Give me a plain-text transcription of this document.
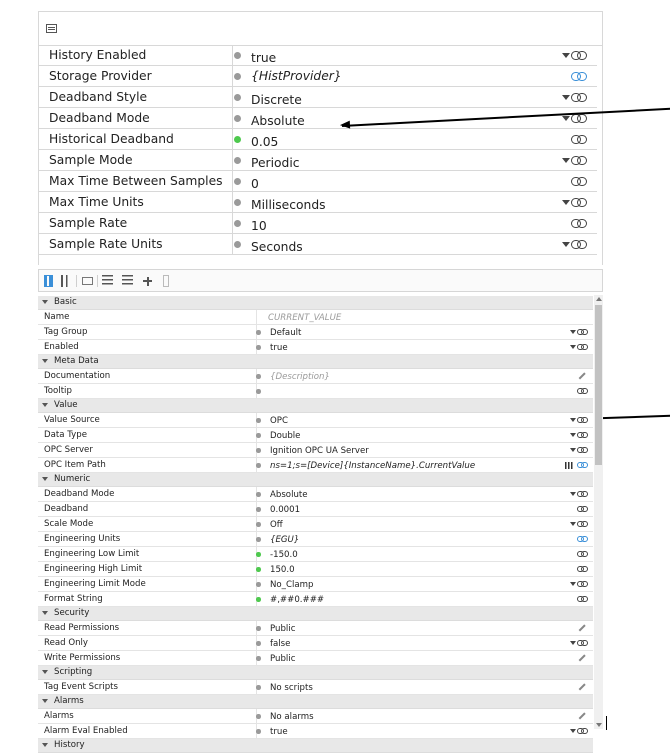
History Enabled	true
Storage Provider	{HistProvider}
Deadband Style	Discrete
Deadband Mode	Absolute
Historical Deadband	0.05
Sample Mode	Periodic
Max Time Between Samples	0
Max Time Units	Milliseconds
Sample Rate	10
Sample Rate Units	Seconds
Basic
Name	CURRENT_VALUE
Tag Group	Default
Enabled	true
Meta Data
Documentation	{Description}
Tooltip
Value
Value Source	OPC
Data Type	Double
OPC Server	Ignition OPC UA Server
OPC Item Path	ns=1;s=[Device]{InstanceName}.CurrentValue
Numeric
Deadband Mode	Absolute
Deadband	0.0001
Scale Mode	Off
Engineering Units	{EGU}
Engineering Low Limit	-150.0
Engineering High Limit	150.0
Engineering Limit Mode	No_Clamp
Format String	#,##0.###
Security
Read Permissions	Public
Read Only	false
Write Permissions	Public
Scripting
Tag Event Scripts	No scripts
Alarms
Alarms	No alarms
Alarm Eval Enabled	true
History
